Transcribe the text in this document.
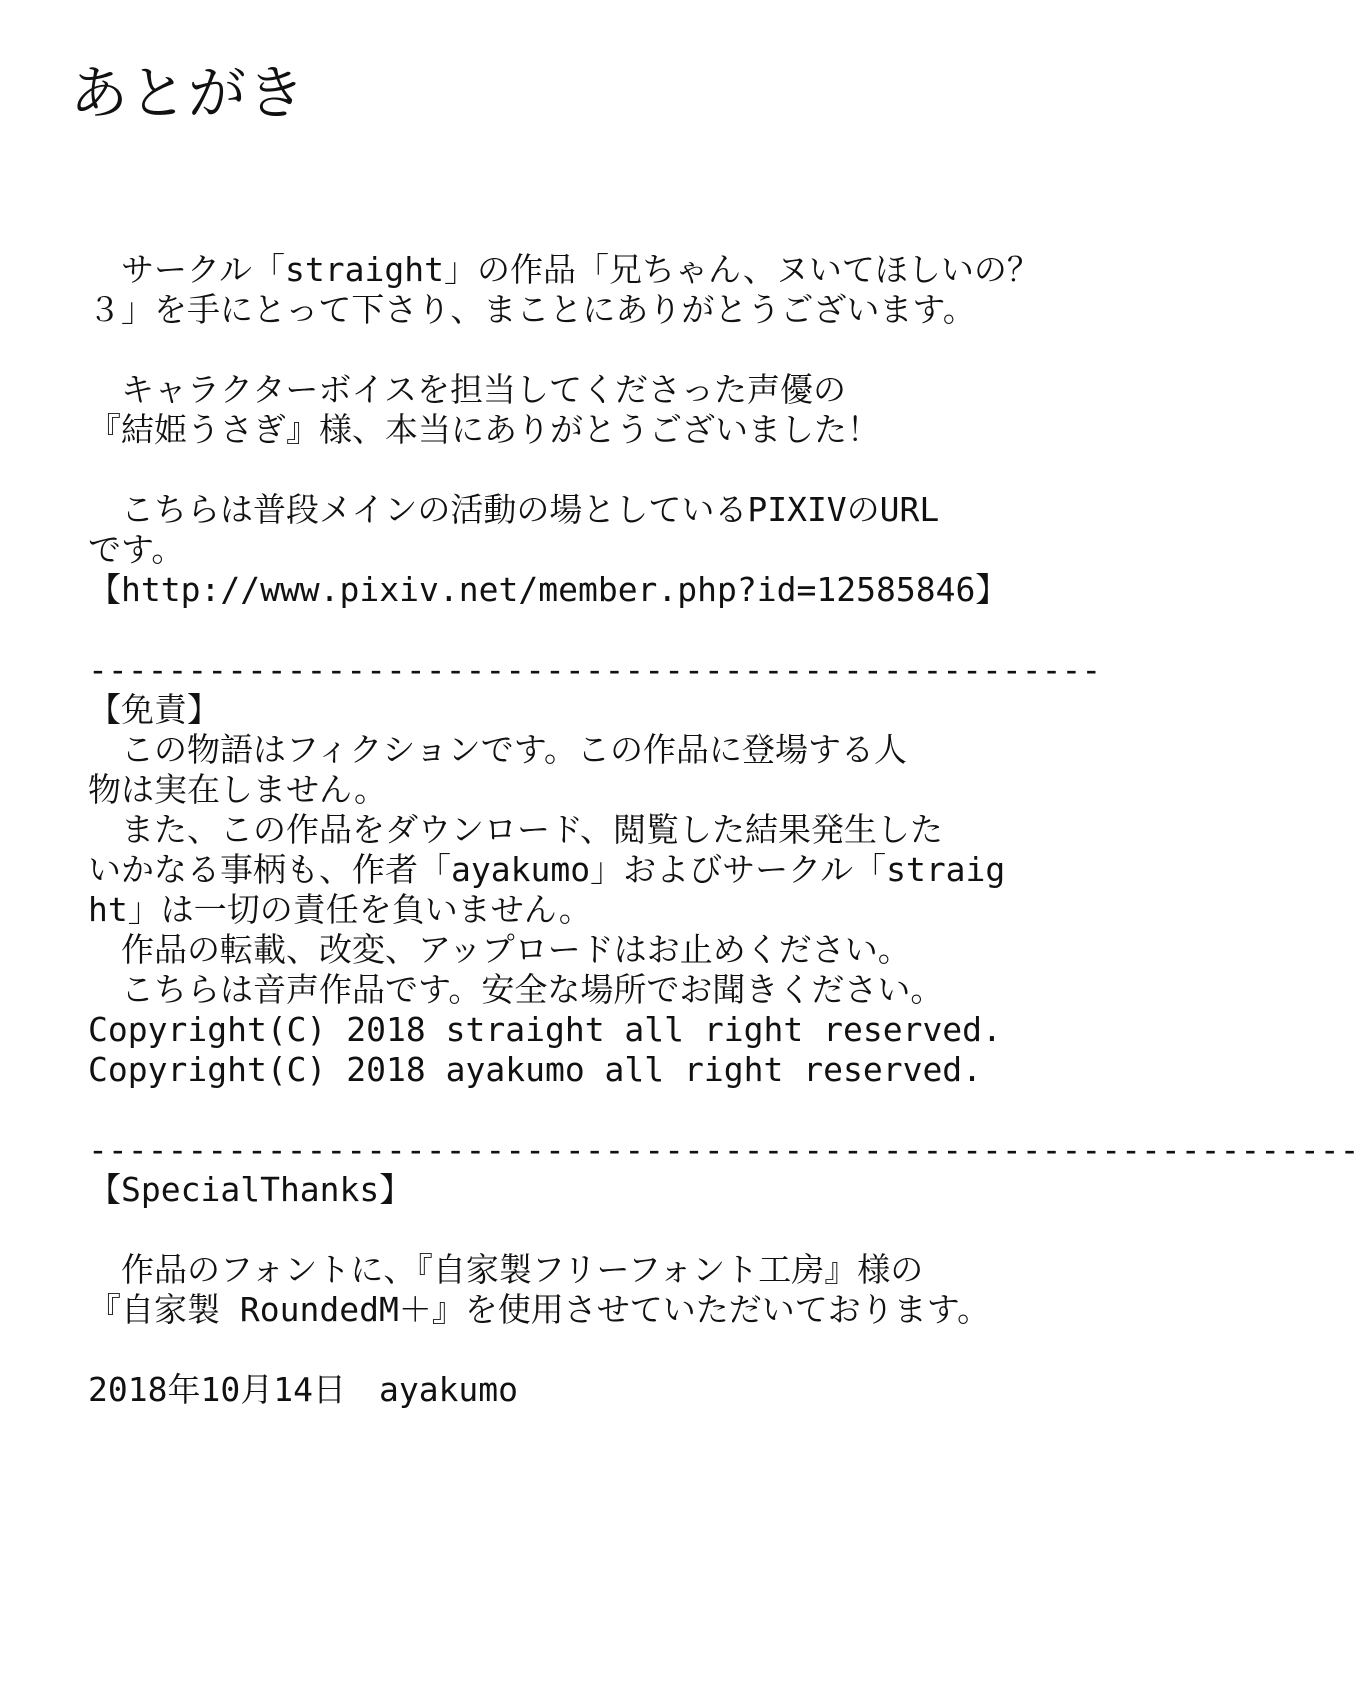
あとがき
　サークル「straight」の作品「兄ちゃん、ヌいてほしいの？
３」を手にとって下さり、まことにありがとうございます。
　キャラクターボイスを担当してくださった声優の
『結姫うさぎ』様、本当にありがとうございました！
　こちらは普段メインの活動の場としているPIXIVのURL
です。
【http://www.pixiv.net/member.php?id=12585846】
---------------------------------------------------
【免責】
　この物語はフィクションです。この作品に登場する人
物は実在しません。
　また、この作品をダウンロード、閲覧した結果発生した
いかなる事柄も、作者「ayakumo」およびサークル「straig
ht」は一切の責任を負いません。
　作品の転載、改変、アップロードはお止めください。
　こちらは音声作品です。安全な場所でお聞きください。
Copyright(C) 2018 straight all right reserved.
Copyright(C) 2018 ayakumo all right reserved.
----------------------------------------------------------------
【SpecialThanks】
　作品のフォントに、『自家製フリーフォント工房』様の
『自家製 RoundedM＋』を使用させていただいております。
2018年10月14日　 ayakumo
